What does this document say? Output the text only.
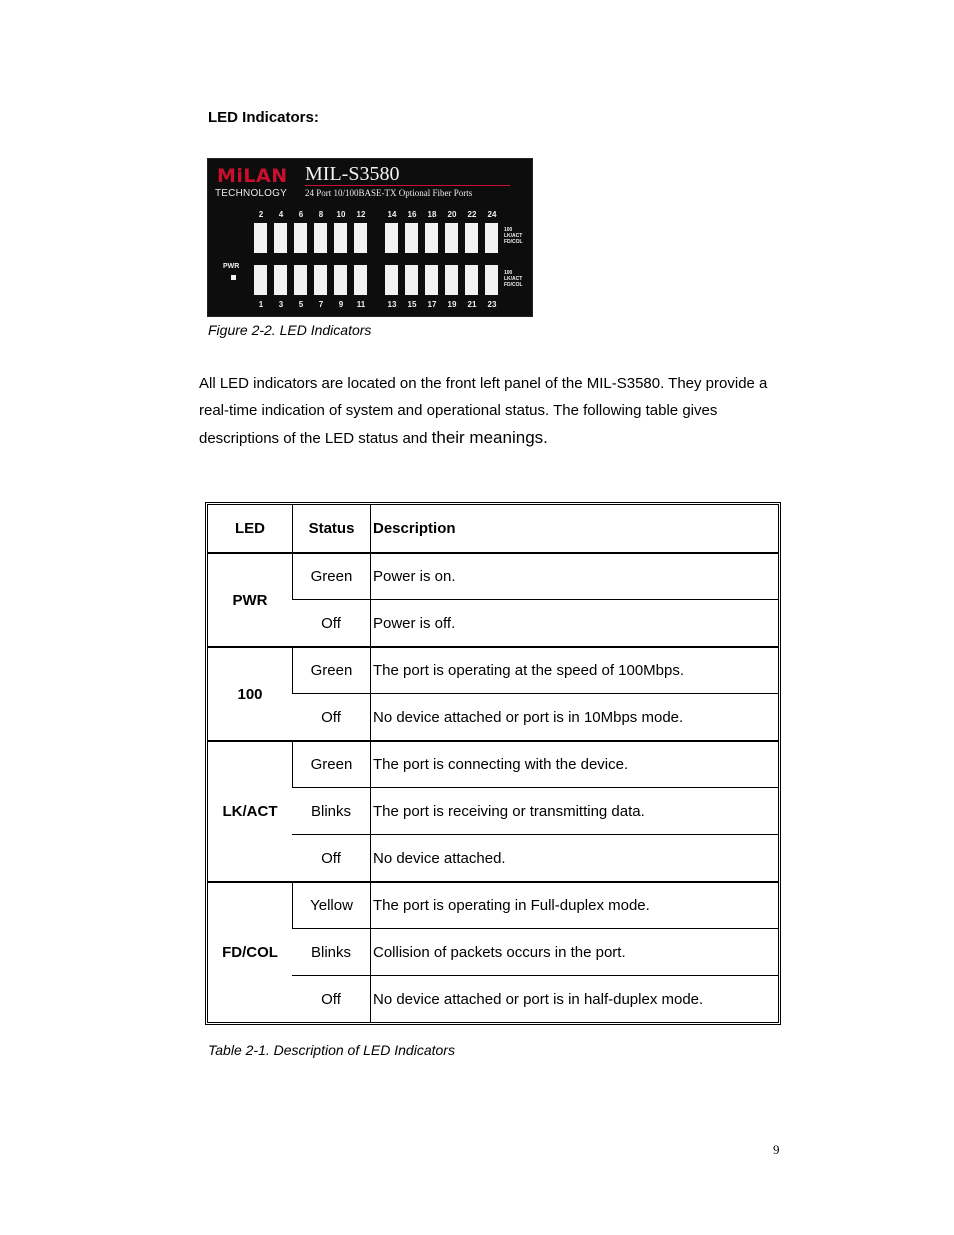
LED Indicators:
MiLAN
TECHNOLOGY
MIL-S3580
24 Port 10/100BASE-TX Optional Fiber Ports
100
LK/ACT
FD/COL
100
LK/ACT
FD/COL
PWR
2	4	6	8	10	12	14	16	18	20	22	24
1	3	5	7	9	11	13	15	17	19	21	23
Figure 2-2. LED Indicators
All LED indicators are located on the front left panel of the MIL-S3580. They provide a real-time indication of system and operational status. The following table gives descriptions of the LED status and their meanings.
LED	Status	Description
PWR	Green	Power is on.
	Off	Power is off.
100	Green	The port is operating at the speed of 100Mbps.
	Off	No device attached or port is in 10Mbps mode.
LK/ACT	Green	The port is connecting with the device.
	Blinks	The port is receiving or transmitting data.
	Off	No device attached.
FD/COL	Yellow	The port is operating in Full-duplex mode.
	Blinks	Collision of packets occurs in the port.
	Off	No device attached or port is in half-duplex mode.
Table 2-1. Description of LED Indicators
9
